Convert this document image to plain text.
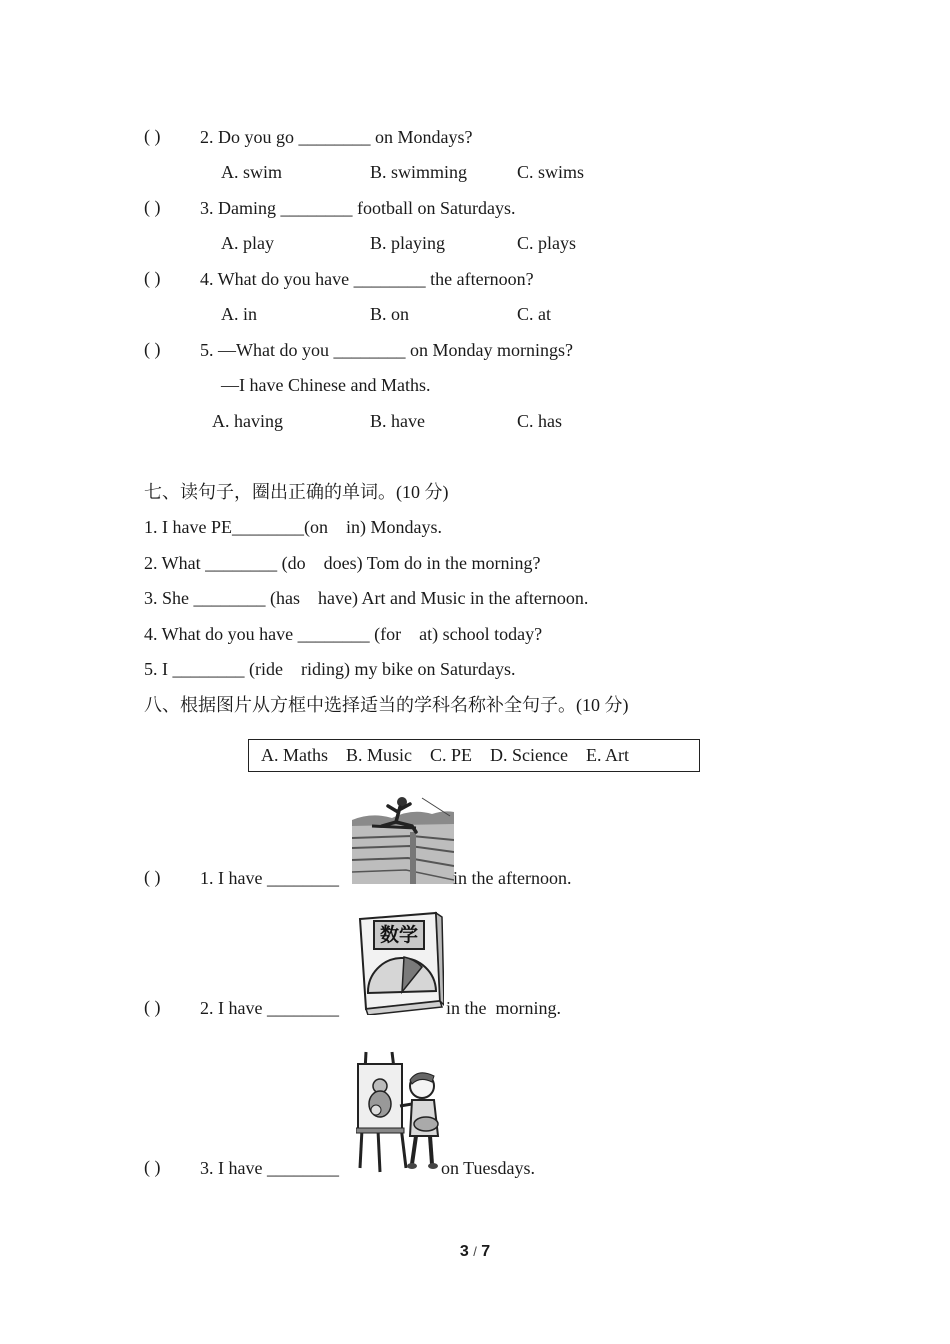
( ) 2. Do you go ________ on Mondays?
A. swim	B. swimming	C. swims
( ) 3. Daming ________ football on Saturdays.
A. play	B. playing	C. plays
( ) 4. What do you have ________ the afternoon?
A. in	B. on	C. at
( ) 5. —What do you ________ on Monday mornings?
—I have Chinese and Maths.
A. having	B. have	C. has
七、读句子，圈出正确的单词。(10 分)
1. I have PE________(on    in) Mondays.
2. What ________ (do    does) Tom do in the morning?
3. She ________ (has    have) Art and Music in the afternoon.
4. What do you have ________ (for    at) school today?
5. I ________ (ride    riding) my bike on Saturdays.
八、根据图片从方框中选择适当的学科名称补全句子。(10 分)
A. Maths    B. Music    C. PE    D. Science    E. Art
( ) 1. I have ________	in the afternoon.
数学
( ) 2. I have ________	in the  morning.
( ) 3. I have ________	on Tuesdays.
3 / 7
